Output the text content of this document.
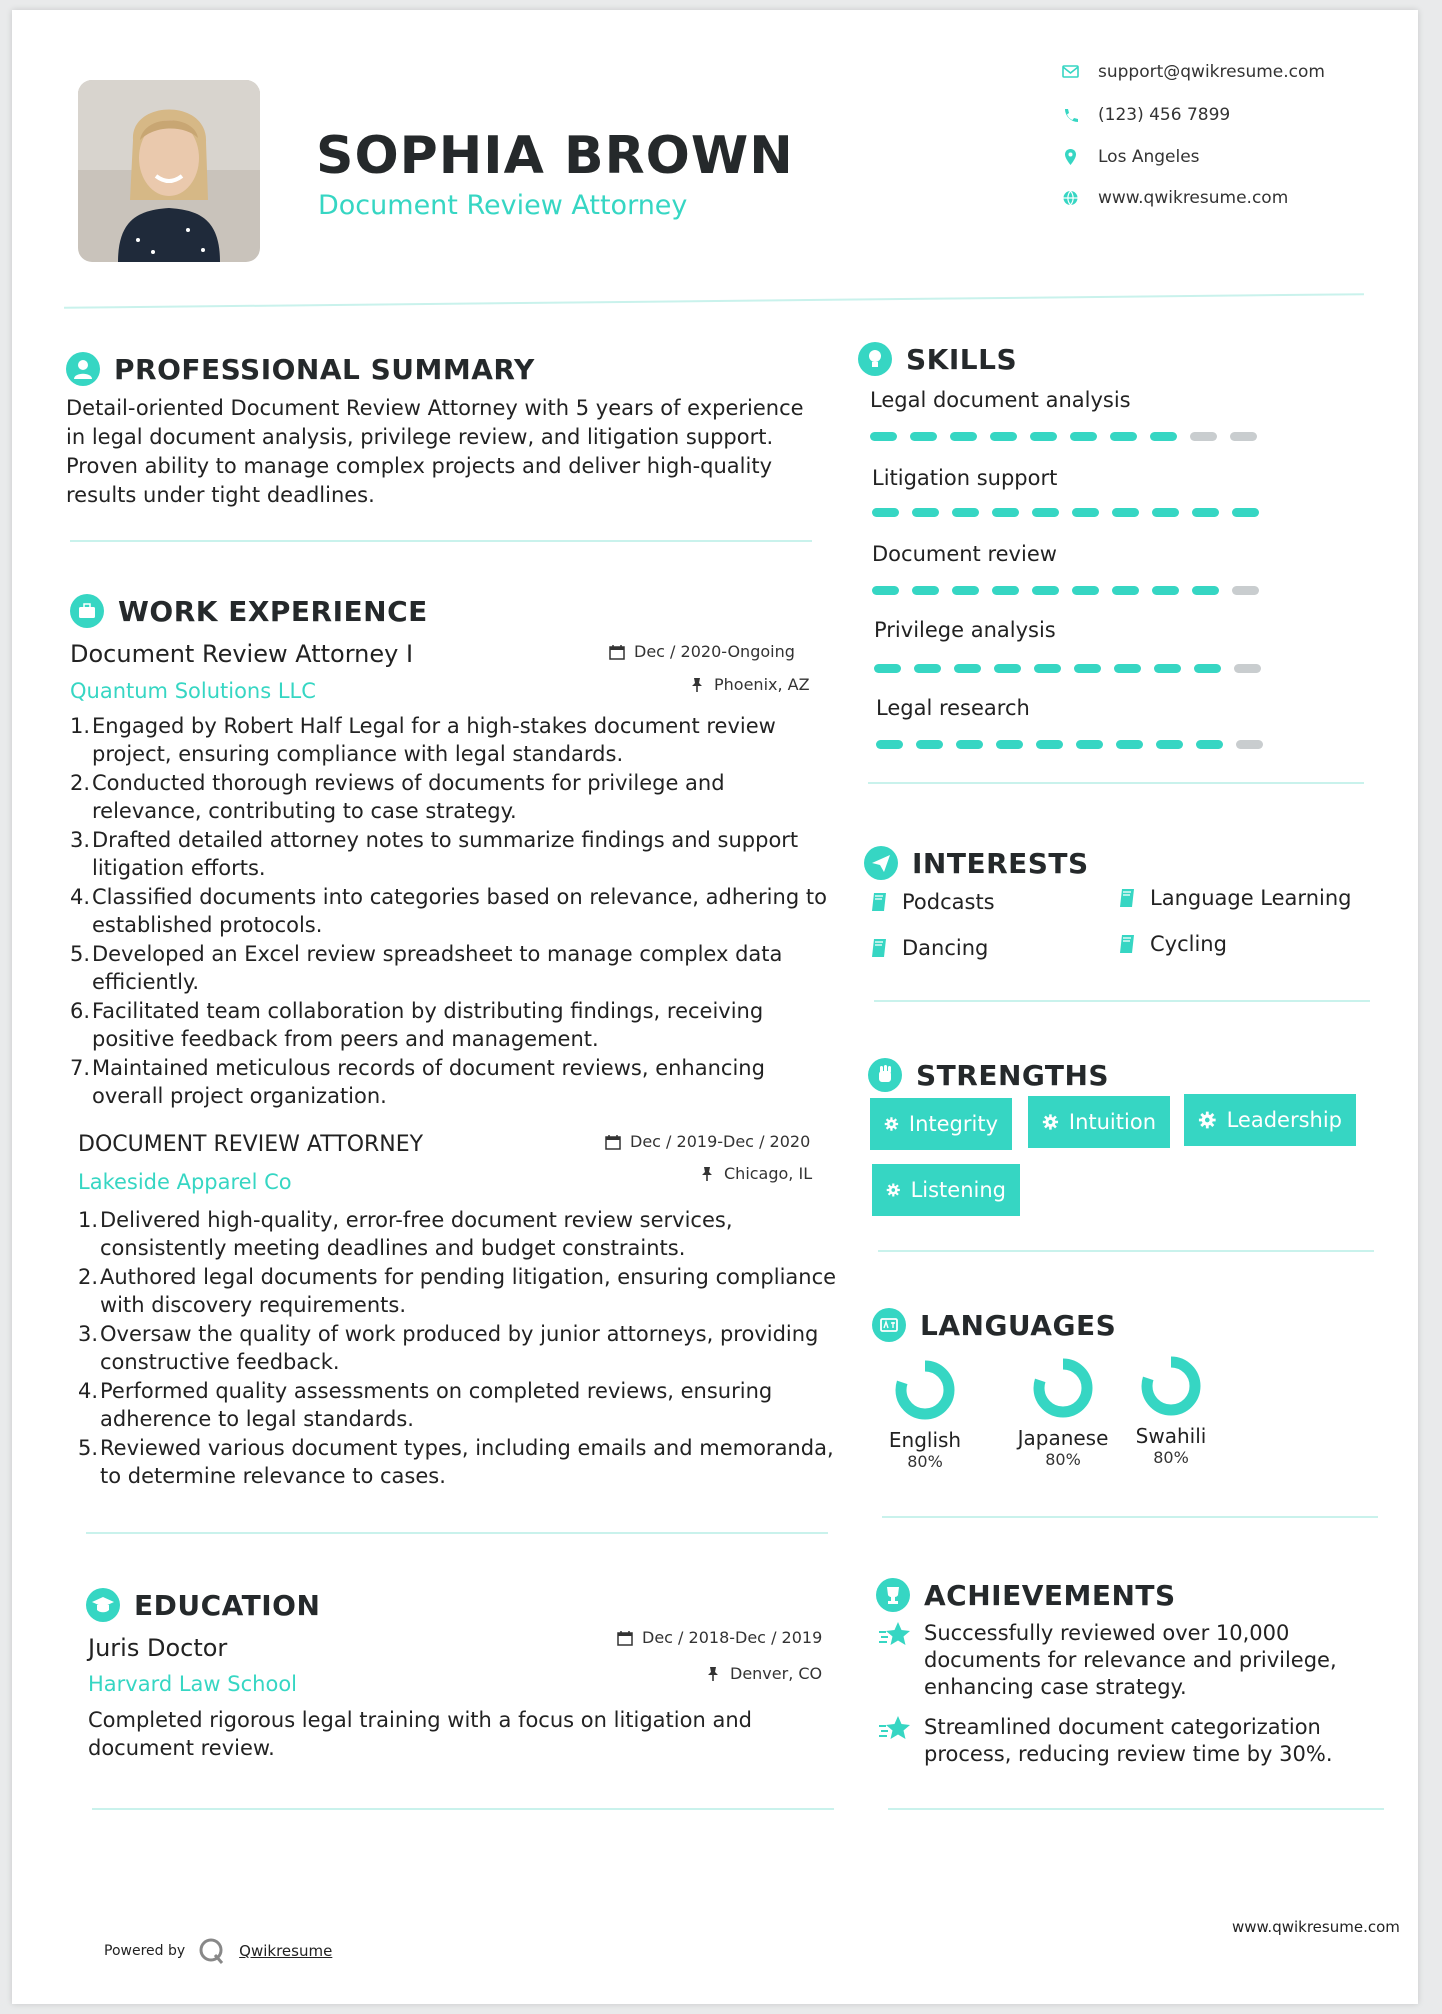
SOPHIA BROWN
Document Review Attorney
support@qwikresume.com
(123) 456 7899
Los Angeles
www.qwikresume.com
PROFESSIONAL SUMMARY
Detail-oriented Document Review Attorney with 5 years of experience in legal document analysis, privilege review, and litigation support. Proven ability to manage complex projects and deliver high-quality results under tight deadlines.
WORK EXPERIENCE
Document Review Attorney I
Quantum Solutions LLC
Dec / 2020-Ongoing
Phoenix, AZ
1. Engaged by Robert Half Legal for a high-stakes document review project, ensuring compliance with legal standards.
2. Conducted thorough reviews of documents for privilege and relevance, contributing to case strategy.
3. Drafted detailed attorney notes to summarize findings and support litigation efforts.
4. Classified documents into categories based on relevance, adhering to established protocols.
5. Developed an Excel review spreadsheet to manage complex data efficiently.
6. Facilitated team collaboration by distributing findings, receiving positive feedback from peers and management.
7. Maintained meticulous records of document reviews, enhancing overall project organization.
DOCUMENT REVIEW ATTORNEY
Lakeside Apparel Co
Dec / 2019-Dec / 2020
Chicago, IL
1. Delivered high-quality, error-free document review services, consistently meeting deadlines and budget constraints.
2. Authored legal documents for pending litigation, ensuring compliance with discovery requirements.
3. Oversaw the quality of work produced by junior attorneys, providing constructive feedback.
4. Performed quality assessments on completed reviews, ensuring adherence to legal standards.
5. Reviewed various document types, including emails and memoranda, to determine relevance to cases.
EDUCATION
Juris Doctor
Harvard Law School
Dec / 2018-Dec / 2019
Denver, CO
Completed rigorous legal training with a focus on litigation and document review.
SKILLS
Legal document analysis
Litigation support
Document review
Privilege analysis
Legal research
INTERESTS
Podcasts	Language Learning
Dancing	Cycling
STRENGTHS
Integrity	Intuition	Leadership
Listening
LANGUAGES
English
80%
Japanese
80%
Swahili
80%
ACHIEVEMENTS
Successfully reviewed over 10,000 documents for relevance and privilege, enhancing case strategy.
Streamlined document categorization process, reducing review time by 30%.
Powered by	Qwikresume
www.qwikresume.com
